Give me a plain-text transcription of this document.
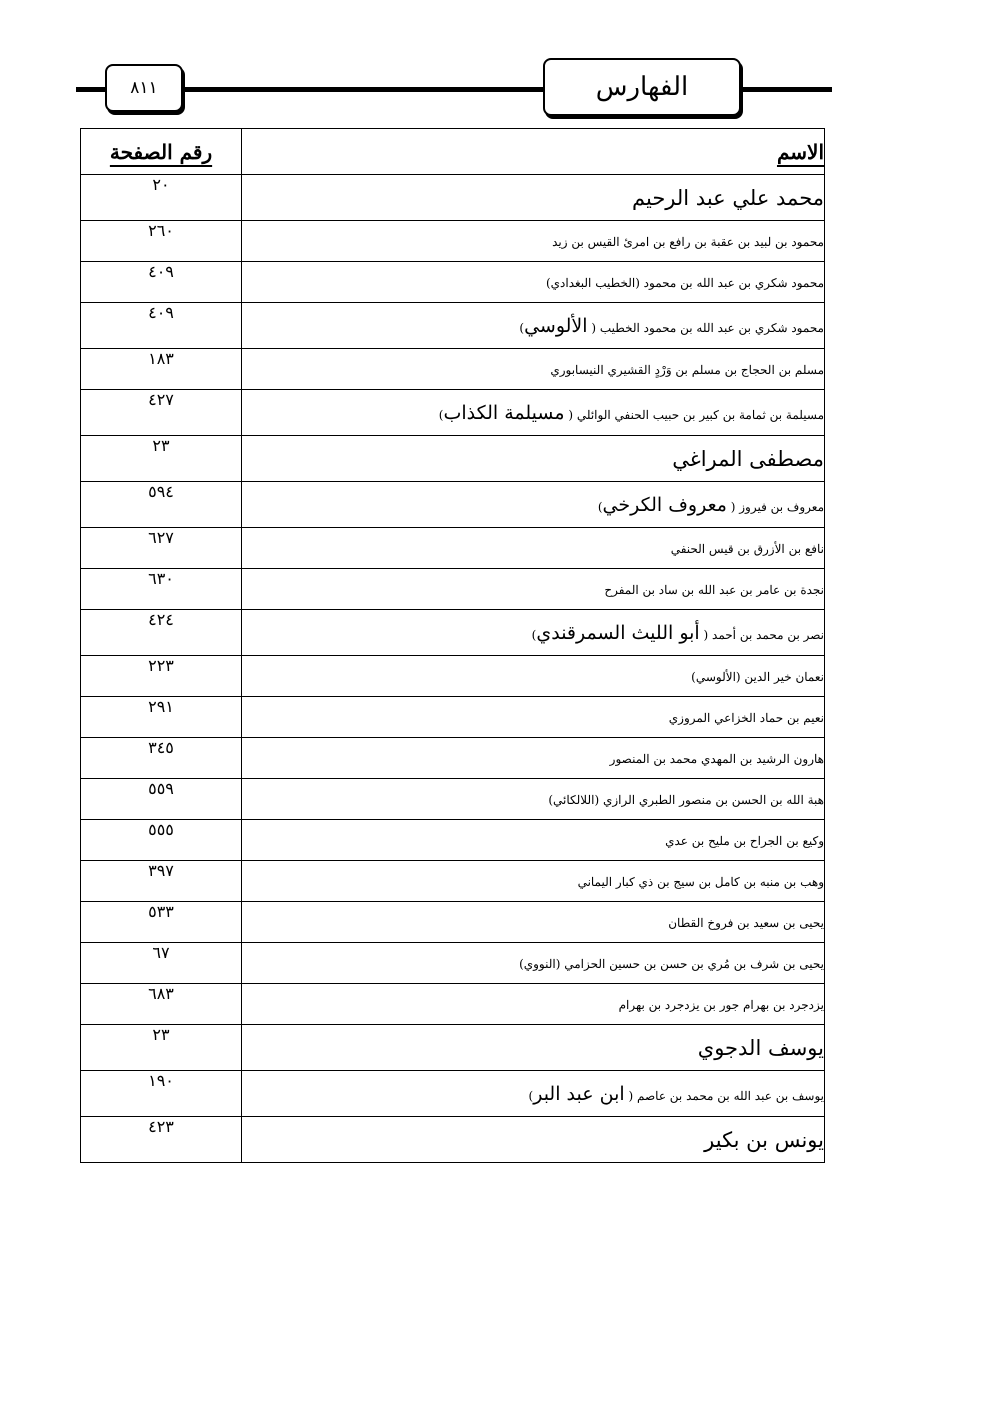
٨١١	الفهارس
الاسم	رقم الصفحة
محمد علي عبد الرحيم	٢٠
محمود بن لبيد بن عقبة بن رافع بن امرئ القيس بن زيد	٢٦٠
محمود شكري بن عبد الله بن محمود (الخطيب البغدادي)	٤٠٩
محمود شكري بن عبد الله بن محمود الخطيب ( الألوسي)	٤٠٩
مسلم بن الحجاج بن مسلم بن وَرْدٍ القشيري النيسابوري	١٨٣
مسيلمة بن ثمامة بن كبير بن حبيب الحنفي الوائلي ( مسيلمة الكذاب)	٤٢٧
مصطفى المراغي	٢٣
معروف بن فيروز ( معروف الكرخي)	٥٩٤
نافع بن الأزرق بن قيس الحنفي	٦٢٧
نجدة بن عامر بن عبد الله بن ساد بن المفرح	٦٣٠
نصر بن محمد بن أحمد ( أبو الليث السمرقندي)	٤٢٤
نعمان خير الدين (الألوسي)	٢٢٣
نعيم بن حماد الخزاعي المروزي	٢٩١
هارون الرشيد بن المهدي محمد بن المنصور	٣٤٥
هبة الله بن الحسن بن منصور الطبري الرازي (اللالكائي)	٥٥٩
وكيع بن الجراح بن مليح بن عدي	٥٥٥
وهب بن منبه بن كامل بن سيج بن ذي كبار اليماني	٣٩٧
يحيى بن سعيد بن فروخ القطان	٥٣٣
يحيى بن شرف بن مُري بن حسن بن حسين الحزامي (النووي)	٦٧
يزدجرد بن بهرام جور بن يزدجرد بن بهرام	٦٨٣
يوسف الدجوي	٢٣
يوسف بن عبد الله بن محمد بن عاصم ( ابن عبد البر)	١٩٠
يونس بن بكير	٤٢٣
